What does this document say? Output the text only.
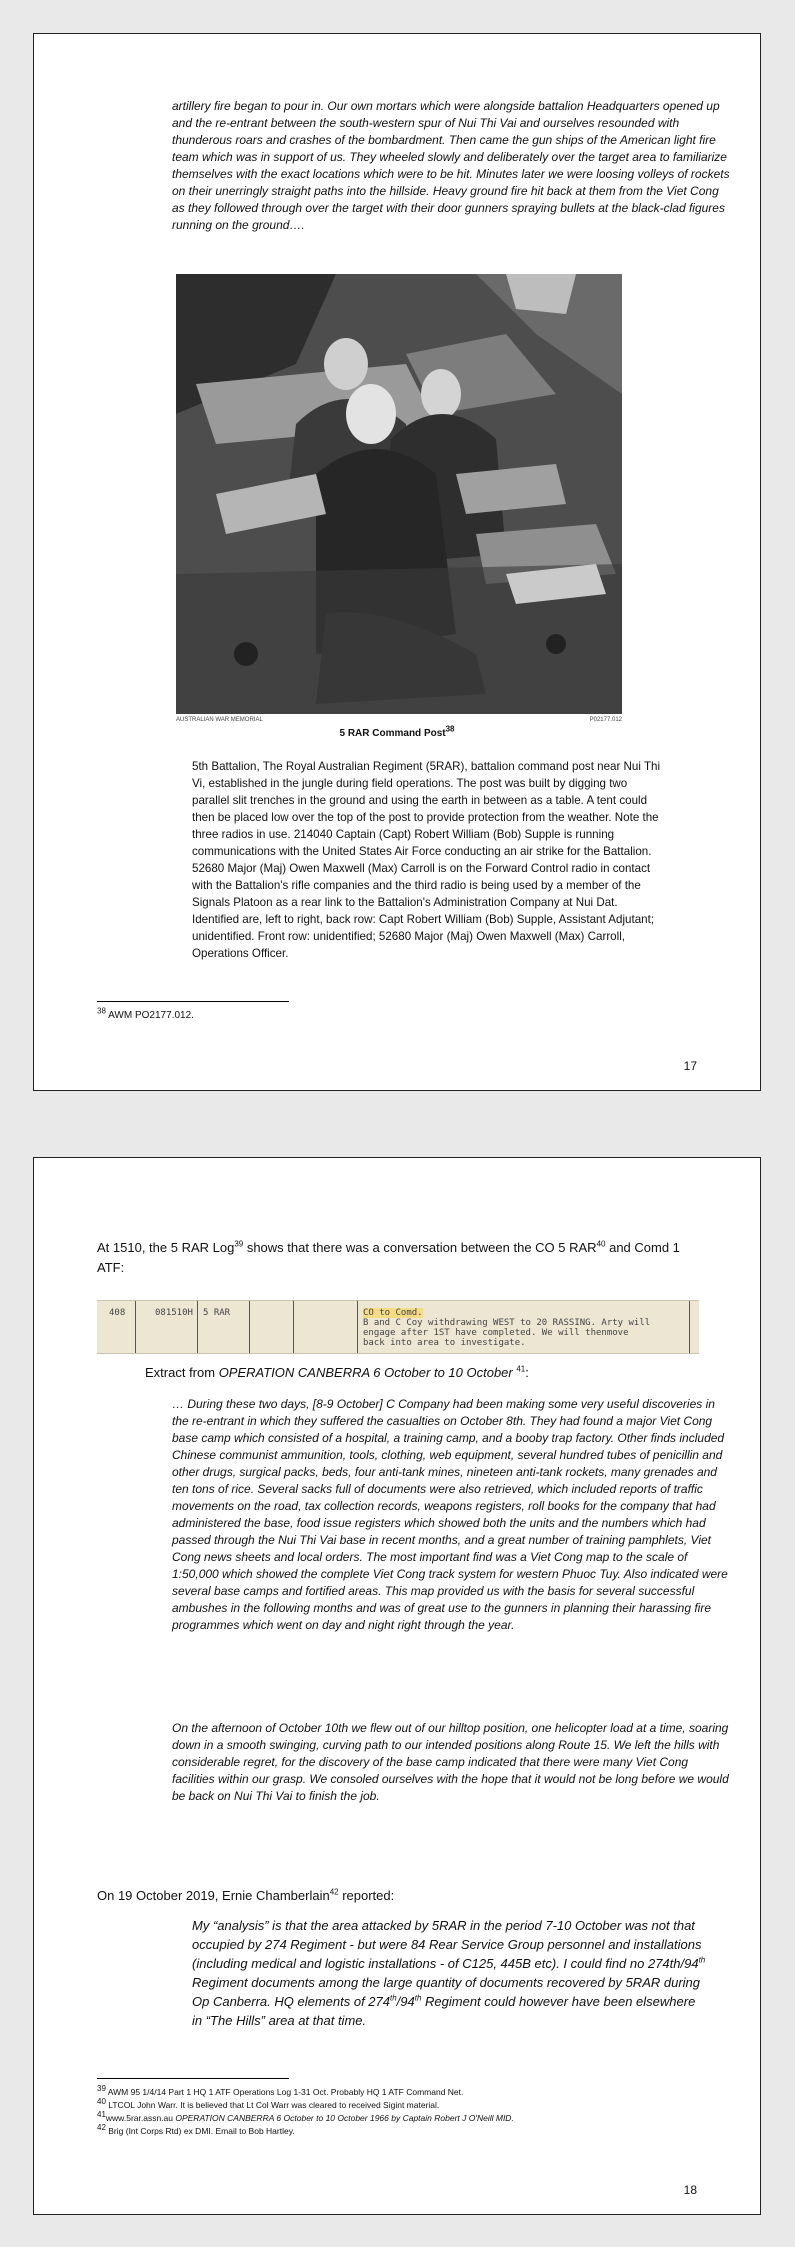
artillery fire began to pour in. Our own mortars which were alongside battalion Headquarters opened up and the re-entrant between the south-western spur of Nui Thi Vai and ourselves resounded with thunderous roars and crashes of the bombardment. Then came the gun ships of the American light fire team which was in support of us. They wheeled slowly and deliberately over the target area to familiarize themselves with the exact locations which were to be hit. Minutes later we were loosing volleys of rockets on their unerringly straight paths into the hillside. Heavy ground fire hit back at them from the Viet Cong as they followed through over the target with their door gunners spraying bullets at the black-clad figures running on the ground….

AUSTRALIAN WAR MEMORIAL	P02177.012
5 RAR Command Post$^{38}$

5th Battalion, The Royal Australian Regiment (5RAR), battalion command post near Nui Thi Vi, established in the jungle during field operations. The post was built by digging two parallel slit trenches in the ground and using the earth in between as a table. A tent could then be placed low over the top of the post to provide protection from the weather. Note the three radios in use. 214040 Captain (Capt) Robert William (Bob) Supple is running communications with the United States Air Force conducting an air strike for the Battalion. 52680 Major (Maj) Owen Maxwell (Max) Carroll is on the Forward Control radio in contact with the Battalion's rifle companies and the third radio is being used by a member of the Signals Platoon as a rear link to the Battalion's Administration Company at Nui Dat. Identified are, left to right, back row: Capt Robert William (Bob) Supple, Assistant Adjutant; unidentified. Front row: unidentified; 52680 Major (Maj) Owen Maxwell (Max) Carroll, Operations Officer.

$^{38}$ AWM PO2177.012.
17

At 1510, the 5 RAR Log$^{39}$ shows that there was a conversation between the CO 5 RAR$^{40}$ and Comd 1 ATF:

408	081510H 5 RAR	CO to Comd.
B and C Coy withdrawing WEST to 20 RASSING. Arty will
engage after 1ST have completed. We will thenmove
back into area to investigate.

Extract from OPERATION CANBERRA 6 October to 10 October $^{41}$:

… During these two days, [8-9 October] C Company had been making some very useful discoveries in the re-entrant in which they suffered the casualties on October 8th. They had found a major Viet Cong base camp which consisted of a hospital, a training camp, and a booby trap factory. Other finds included Chinese communist ammunition, tools, clothing, web equipment, several hundred tubes of penicillin and other drugs, surgical packs, beds, four anti-tank mines, nineteen anti-tank rockets, many grenades and ten tons of rice. Several sacks full of documents were also retrieved, which included reports of traffic movements on the road, tax collection records, weapons registers, roll books for the company that had administered the base, food issue registers which showed both the units and the numbers which had passed through the Nui Thi Vai base in recent months, and a great number of training pamphlets, Viet Cong news sheets and local orders. The most important find was a Viet Cong map to the scale of 1:50,000 which showed the complete Viet Cong track system for western Phuoc Tuy. Also indicated were several base camps and fortified areas. This map provided us with the basis for several successful ambushes in the following months and was of great use to the gunners in planning their harassing fire programmes which went on day and night right through the year.

On the afternoon of October 10th we flew out of our hilltop position, one helicopter load at a time, soaring down in a smooth swinging, curving path to our intended positions along Route 15. We left the hills with considerable regret, for the discovery of the base camp indicated that there were many Viet Cong facilities within our grasp. We consoled ourselves with the hope that it would not be long before we would be back on Nui Thi Vai to finish the job.

On 19 October 2019, Ernie Chamberlain$^{42}$ reported:

My “analysis” is that the area attacked by 5RAR in the period 7-10 October was not that occupied by 274 Regiment - but were 84 Rear Service Group personnel and installations (including medical and logistic installations - of C125, 445B etc). I could find no 274th/94th Regiment documents among the large quantity of documents recovered by 5RAR during Op Canberra. HQ elements of 274th/94th Regiment could however have been elsewhere in “The Hills” area at that time.

$^{39}$ AWM 95 1/4/14 Part 1 HQ 1 ATF Operations Log 1-31 Oct. Probably HQ 1 ATF Command Net.
$^{40}$ LTCOL John Warr. It is believed that Lt Col Warr was cleared to received Sigint material.
$^{41}$www.5rar.assn.au OPERATION CANBERRA 6 October to 10 October 1966 by Captain Robert J O'Neill MID.
$^{42}$ Brig (Int Corps Rtd) ex DMI. Email to Bob Hartley.
18
